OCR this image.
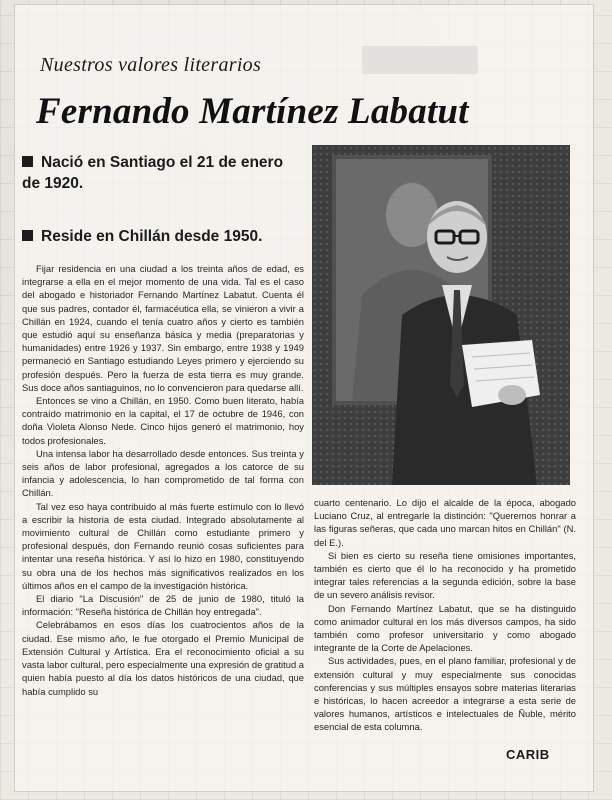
Nuestros valores literarios
Fernando Martínez Labatut
Nació en Santiago el 21 de enero de 1920.
Reside en Chillán desde 1950.

Fijar residencia en una ciudad a los treinta años de edad, es integrarse a ella en el mejor momento de una vida. Tal es el caso del abogado e historiador Fernando Martínez Labatut. Cuenta él que sus padres, contador él, farmacéutica ella, se vinieron a vivir a Chillán en 1924, cuando el tenía cuatro años y cierto es también que estudió aquí su enseñanza básica y media (preparatorias y humanidades) entre 1926 y 1937. Sin embargo, entre 1938 y 1949 permaneció en Santiago estudiando Leyes primero y ejerciendo su profesión después. Pero la fuerza de esta tierra es muy grande. Sus doce años santiaguinos, no lo convencieron para quedarse allí.

Entonces se vino a Chillán, en 1950. Como buen literato, había contraído matrimonio en la capital, el 17 de octubre de 1946, con doña Violeta Alonso Nede. Cinco hijos generó el matrimonio, hoy todos profesionales.

Una intensa labor ha desarrollado desde entonces. Sus treinta y seis años de labor profesional, agregados a los catorce de su infancia y adolescencia, lo han comprometido de tal forma con Chillán.

Tal vez eso haya contribuido al más fuerte estímulo con lo llevó a escribir la historia de esta ciudad. Integrado absolutamente al movimiento cultural de Chillán como estudiante primero y profesional después, don Fernando reunió cosas suficientes para intentar una reseña histórica. Y así lo hizo en 1980, constituyendo su obra una de los hechos más significativos realizados en los últimos años en el campo de la investigación histórica.

El diario "La Discusión" de 25 de junio de 1980, tituló la información: "Reseña histórica de Chillán hoy entregada".

Celebrábamos en esos días los cuatrocientos años de la ciudad. Ese mismo año, le fue otorgado el Premio Municipal de Extensión Cultural y Artística. Era el reconocimiento oficial a su vasta labor cultural, pero especialmente una expresión de gratitud a quien había puesto al día los datos históricos de una ciudad, que había cumplido su

cuarto centenario. Lo dijo el alcalde de la época, abogado Luciano Cruz, al entregarle la distinción: "Queremos honrar a las figuras señeras, que cada uno marcan hitos en Chillán" (N. del E.).

Si bien es cierto su reseña tiene omisiones importantes, también es cierto que él lo ha reconocido y ha prometido integrar tales referencias a la segunda edición, sobre la base de un severo análisis revisor.

Don Fernando Martínez Labatut, que se ha distinguido como animador cultural en los más diversos campos, ha sido también como profesor universitario y como abogado integrante de la Corte de Apelaciones.

Sus actividades, pues, en el plano familiar, profesional y de extensión cultural y muy especialmente sus conocidas conferencias y sus múltiples ensayos sobre materias literarias e históricas, lo hacen acreedor a integrarse a esta serie de valores humanos, artísticos e intelectuales de Ñuble, mérito esencial de esta columna.

CARIB
